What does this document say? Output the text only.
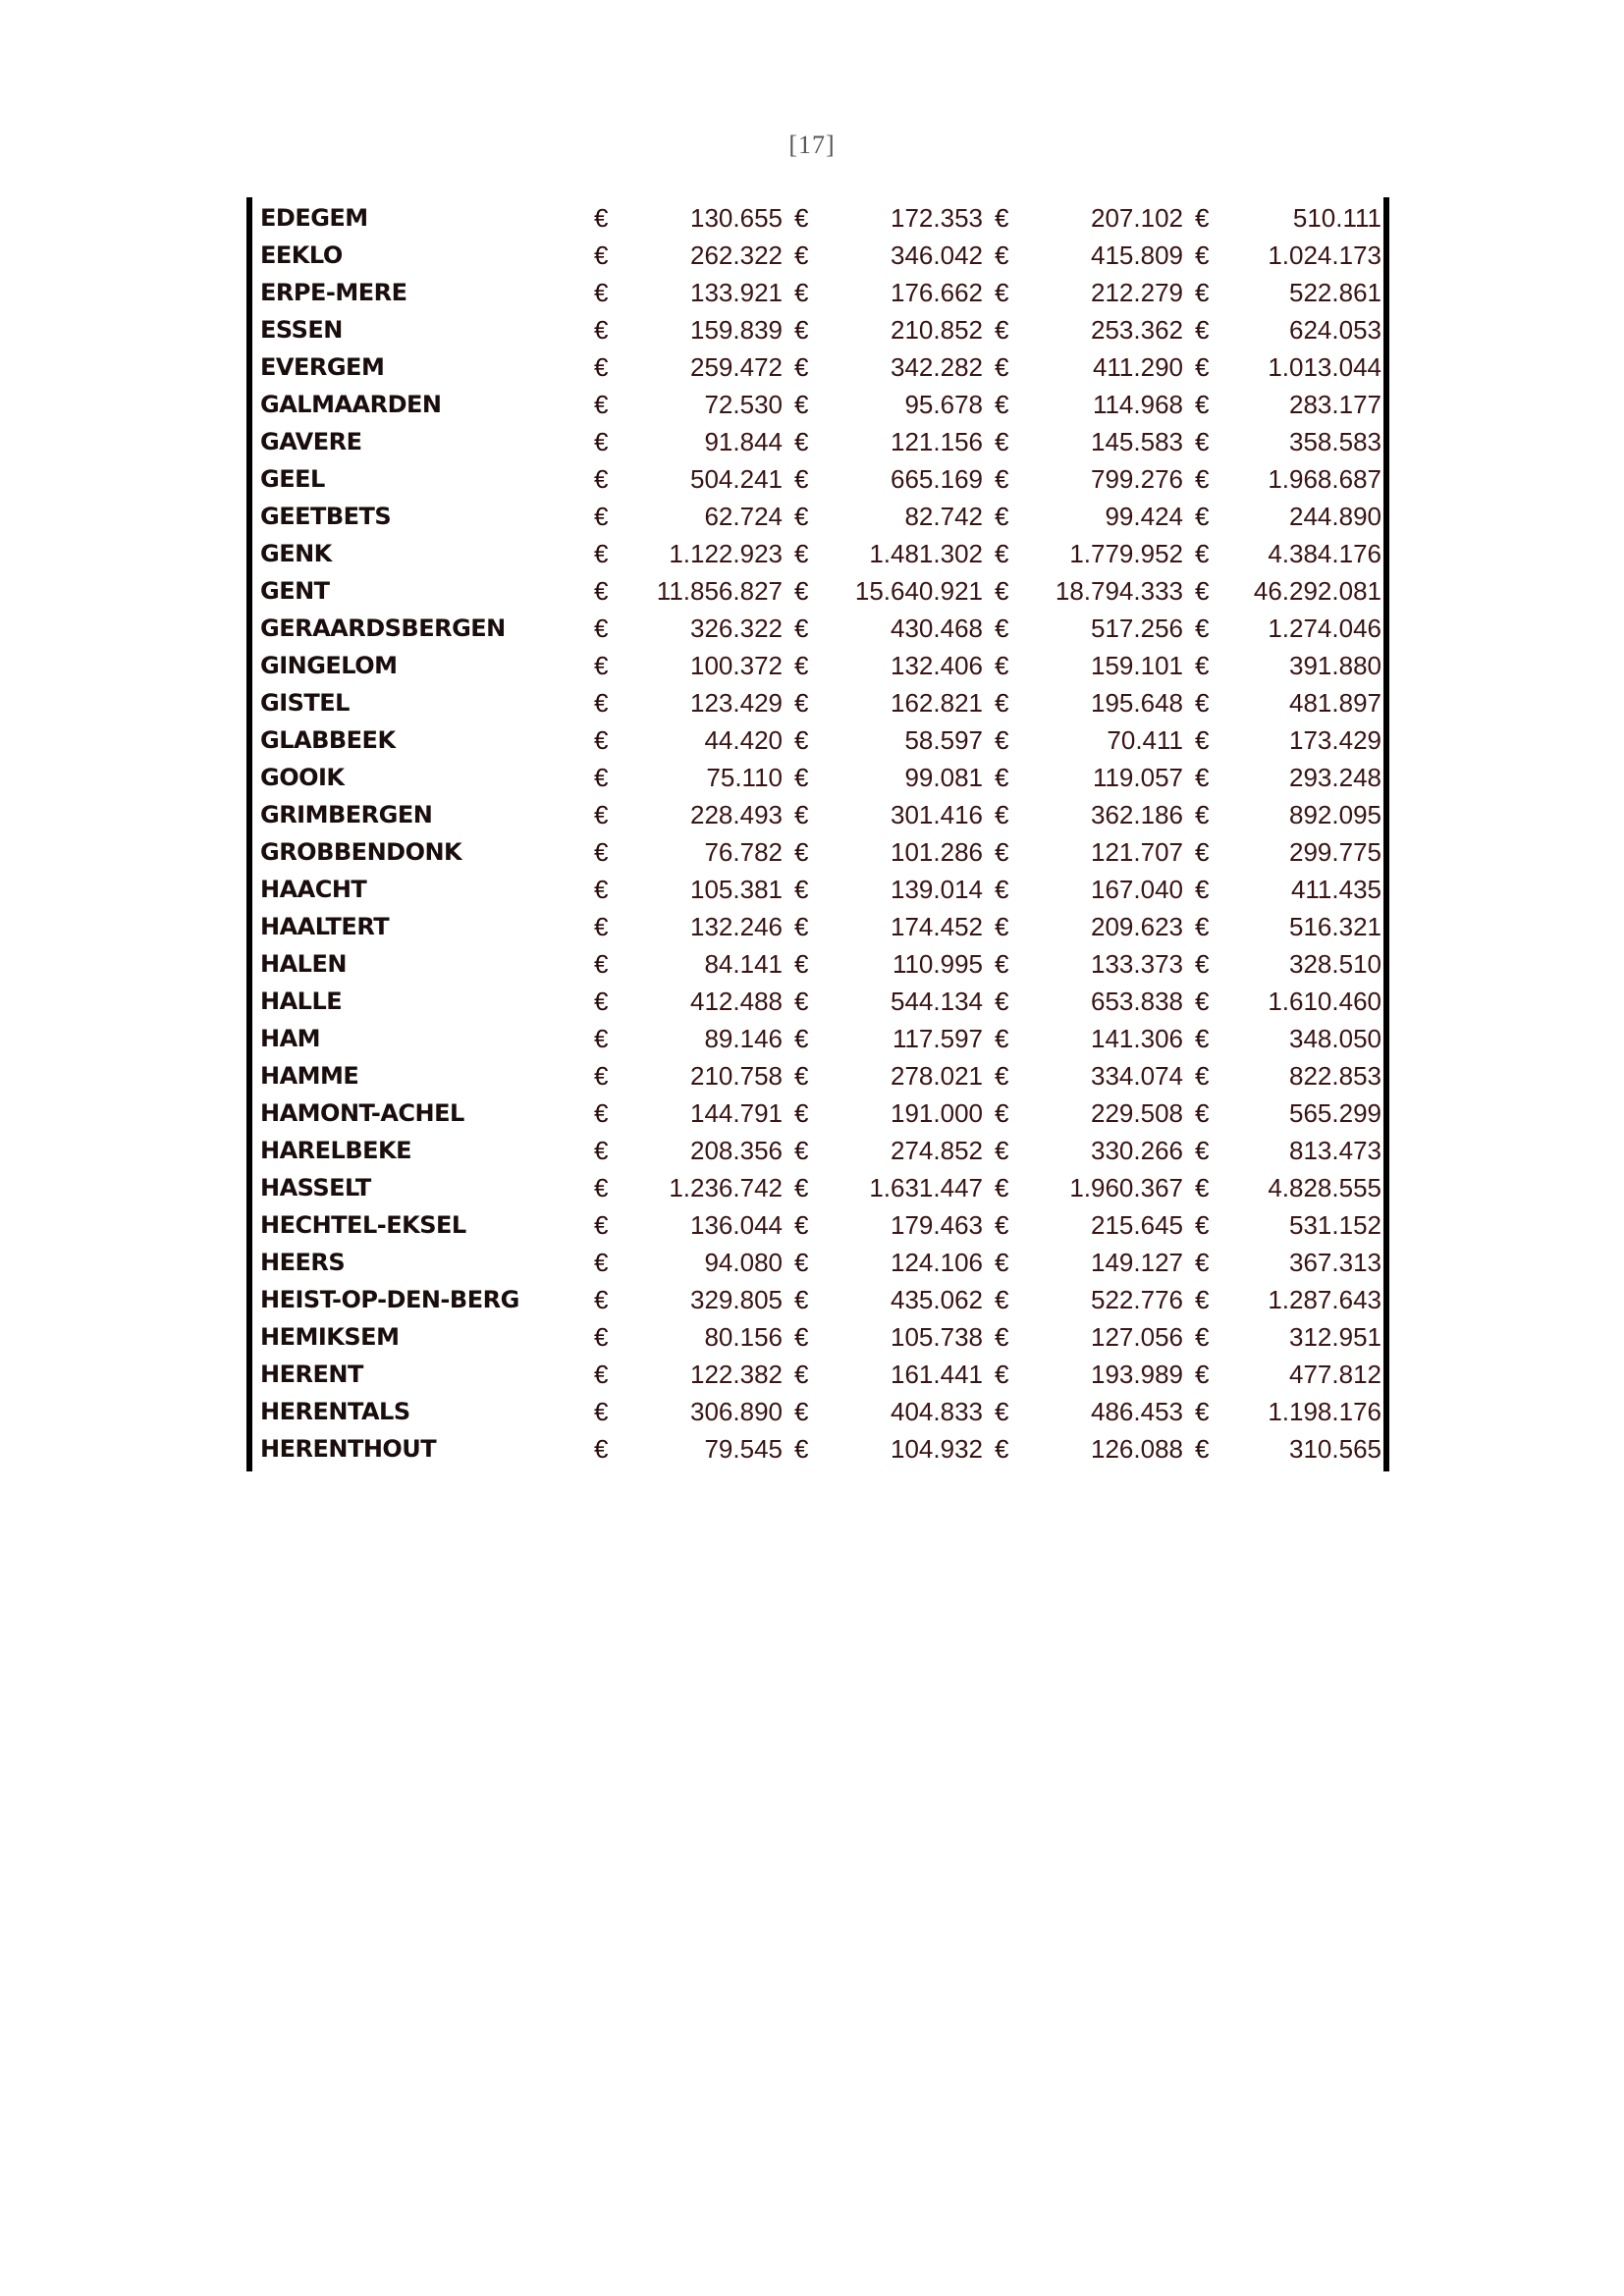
[17]
EDEGEM	€	130.655	€	172.353	€	207.102	€	510.111
EEKLO	€	262.322	€	346.042	€	415.809	€	1.024.173
ERPE-MERE	€	133.921	€	176.662	€	212.279	€	522.861
ESSEN	€	159.839	€	210.852	€	253.362	€	624.053
EVERGEM	€	259.472	€	342.282	€	411.290	€	1.013.044
GALMAARDEN	€	72.530	€	95.678	€	114.968	€	283.177
GAVERE	€	91.844	€	121.156	€	145.583	€	358.583
GEEL	€	504.241	€	665.169	€	799.276	€	1.968.687
GEETBETS	€	62.724	€	82.742	€	99.424	€	244.890
GENK	€	1.122.923	€	1.481.302	€	1.779.952	€	4.384.176
GENT	€	11.856.827	€	15.640.921	€	18.794.333	€	46.292.081
GERAARDSBERGEN	€	326.322	€	430.468	€	517.256	€	1.274.046
GINGELOM	€	100.372	€	132.406	€	159.101	€	391.880
GISTEL	€	123.429	€	162.821	€	195.648	€	481.897
GLABBEEK	€	44.420	€	58.597	€	70.411	€	173.429
GOOIK	€	75.110	€	99.081	€	119.057	€	293.248
GRIMBERGEN	€	228.493	€	301.416	€	362.186	€	892.095
GROBBENDONK	€	76.782	€	101.286	€	121.707	€	299.775
HAACHT	€	105.381	€	139.014	€	167.040	€	411.435
HAALTERT	€	132.246	€	174.452	€	209.623	€	516.321
HALEN	€	84.141	€	110.995	€	133.373	€	328.510
HALLE	€	412.488	€	544.134	€	653.838	€	1.610.460
HAM	€	89.146	€	117.597	€	141.306	€	348.050
HAMME	€	210.758	€	278.021	€	334.074	€	822.853
HAMONT-ACHEL	€	144.791	€	191.000	€	229.508	€	565.299
HARELBEKE	€	208.356	€	274.852	€	330.266	€	813.473
HASSELT	€	1.236.742	€	1.631.447	€	1.960.367	€	4.828.555
HECHTEL-EKSEL	€	136.044	€	179.463	€	215.645	€	531.152
HEERS	€	94.080	€	124.106	€	149.127	€	367.313
HEIST-OP-DEN-BERG	€	329.805	€	435.062	€	522.776	€	1.287.643
HEMIKSEM	€	80.156	€	105.738	€	127.056	€	312.951
HERENT	€	122.382	€	161.441	€	193.989	€	477.812
HERENTALS	€	306.890	€	404.833	€	486.453	€	1.198.176
HERENTHOUT	€	79.545	€	104.932	€	126.088	€	310.565
